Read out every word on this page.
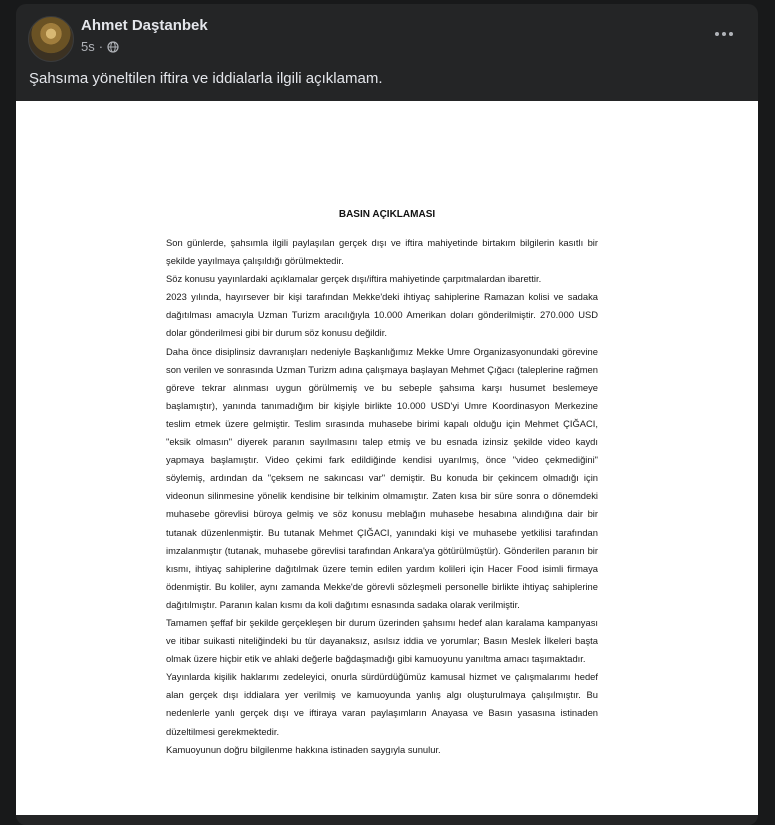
Ahmet Daştanbek
5s ·
Şahsıma yöneltilen iftira ve iddialarla ilgili açıklamam.
BASIN AÇIKLAMASI

Son günlerde, şahsımla ilgili paylaşılan gerçek dışı ve iftira mahiyetinde birtakım bilgilerin kasıtlı bir şekilde yayılmaya çalışıldığı görülmektedir.

Söz konusu yayınlardaki açıklamalar gerçek dışı/iftira mahiyetinde çarpıtmalardan ibarettir.

2023 yılında, hayırsever bir kişi tarafından Mekke'deki ihtiyaç sahiplerine Ramazan kolisi ve sadaka dağıtılması amacıyla Uzman Turizm aracılığıyla 10.000 Amerikan doları gönderilmiştir. 270.000 USD dolar gönderilmesi gibi bir durum söz konusu değildir.

Daha önce disiplinsiz davranışları nedeniyle Başkanlığımız Mekke Umre Organizasyonundaki görevine son verilen ve sonrasında Uzman Turizm adına çalışmaya başlayan Mehmet Çığacı (taleplerine rağmen göreve tekrar alınması uygun görülmemiş ve bu sebeple şahsıma karşı husumet beslemeye başlamıştır), yanında tanımadığım bir kişiyle birlikte 10.000 USD'yi Umre Koordinasyon Merkezine teslim etmek üzere gelmiştir. Teslim sırasında muhasebe birimi kapalı olduğu için Mehmet ÇIĞACI, "eksik olmasın" diyerek paranın sayılmasını talep etmiş ve bu esnada izinsiz şekilde video kaydı yapmaya başlamıştır. Video çekimi fark edildiğinde kendisi uyarılmış, önce "video çekmediğini" söylemiş, ardından da "çeksem ne sakıncası var" demiştir. Bu konuda bir çekincem olmadığı için videonun silinmesine yönelik kendisine bir telkinim olmamıştır. Zaten kısa bir süre sonra o dönemdeki muhasebe görevlisi büroya gelmiş ve söz konusu meblağın muhasebe hesabına alındığına dair bir tutanak düzenlenmiştir. Bu tutanak Mehmet ÇIĞACI, yanındaki kişi ve muhasebe yetkilisi tarafından imzalanmıştır (tutanak, muhasebe görevlisi tarafından Ankara'ya götürülmüştür). Gönderilen paranın bir kısmı, ihtiyaç sahiplerine dağıtılmak üzere temin edilen yardım kolileri için Hacer Food isimli firmaya ödenmiştir. Bu koliler, aynı zamanda Mekke'de görevli sözleşmeli personelle birlikte ihtiyaç sahiplerine dağıtılmıştır. Paranın kalan kısmı da koli dağıtımı esnasında sadaka olarak verilmiştir.

Tamamen şeffaf bir şekilde gerçekleşen bir durum üzerinden şahsımı hedef alan karalama kampanyası ve itibar suikasti niteliğindeki bu tür dayanaksız, asılsız iddia ve yorumlar; Basın Meslek İlkeleri başta olmak üzere hiçbir etik ve ahlaki değerle bağdaşmadığı gibi kamuoyunu yanıltma amacı taşımaktadır.

Yayınlarda kişilik haklarımı zedeleyici, onurla sürdürdüğümüz kamusal hizmet ve çalışmalarımı hedef alan gerçek dışı iddialara yer verilmiş ve kamuoyunda yanlış algı oluşturulmaya çalışılmıştır. Bu nedenlerle yanlı gerçek dışı ve iftiraya varan paylaşımların Anayasa ve Basın yasasına istinaden düzeltilmesi gerekmektedir.

Kamuoyunun doğru bilgilenme hakkına istinaden saygıyla sunulur.
